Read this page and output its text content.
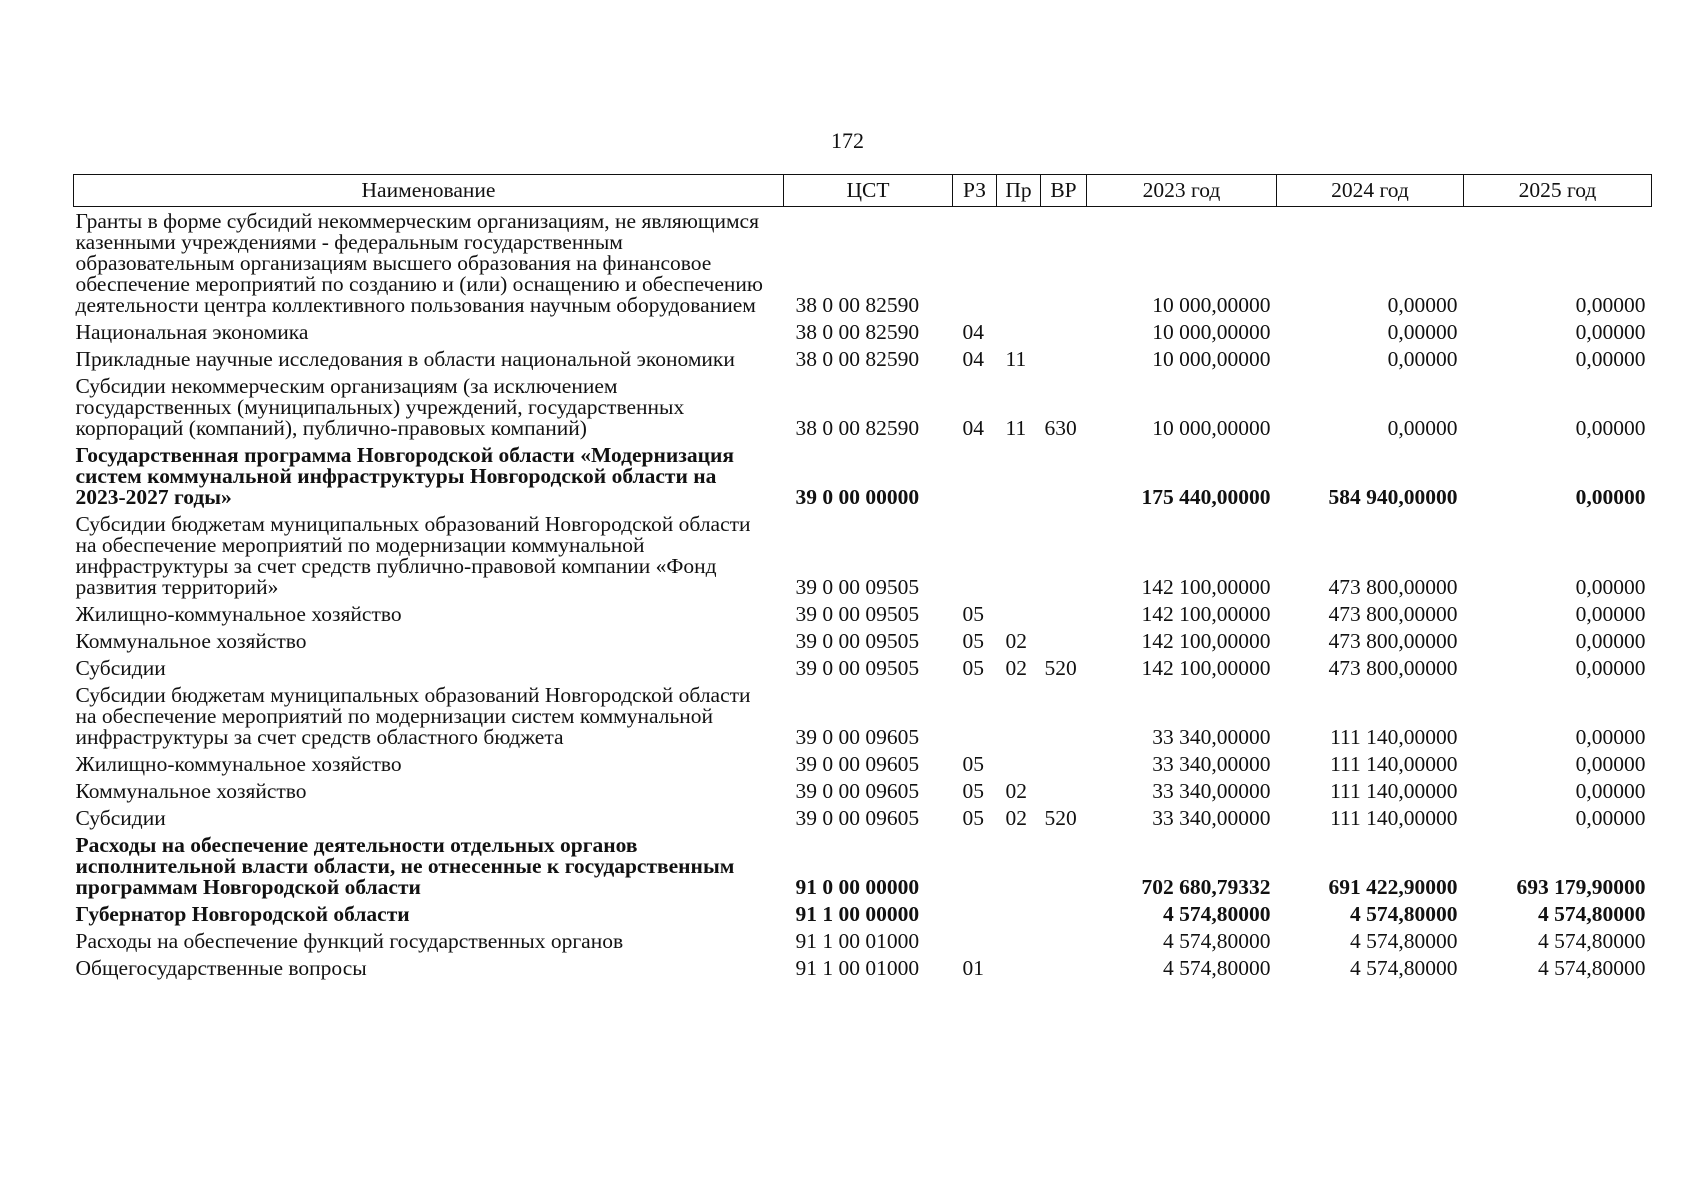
172
Наименование	ЦСТ	РЗ	Пр	ВР	2023 год	2024 год	2025 год
Гранты в форме субсидий некоммерческим организациям, не являющимся казенными учреждениями - федеральным государственным образовательным организациям высшего образования на финансовое обеспечение мероприятий по созданию и (или) оснащению и обеспечению деятельности центра коллективного пользования научным оборудованием	38 0 00 82590				10 000,00000	0,00000	0,00000
Национальная экономика	38 0 00 82590	04			10 000,00000	0,00000	0,00000
Прикладные научные исследования в области национальной экономики	38 0 00 82590	04	11		10 000,00000	0,00000	0,00000
Субсидии некоммерческим организациям (за исключением государственных (муниципальных) учреждений, государственных корпораций (компаний), публично-правовых компаний)	38 0 00 82590	04	11	630	10 000,00000	0,00000	0,00000
Государственная программа Новгородской области «Модернизация систем коммунальной инфраструктуры Новгородской области на 2023-2027 годы»	39 0 00 00000				175 440,00000	584 940,00000	0,00000
Субсидии бюджетам муниципальных образований Новгородской области на обеспечение мероприятий по модернизации коммунальной инфраструктуры за счет средств публично-правовой компании «Фонд развития территорий»	39 0 00 09505				142 100,00000	473 800,00000	0,00000
Жилищно-коммунальное хозяйство	39 0 00 09505	05			142 100,00000	473 800,00000	0,00000
Коммунальное хозяйство	39 0 00 09505	05	02		142 100,00000	473 800,00000	0,00000
Субсидии	39 0 00 09505	05	02	520	142 100,00000	473 800,00000	0,00000
Субсидии бюджетам муниципальных образований Новгородской области на обеспечение мероприятий по модернизации систем коммунальной инфраструктуры за счет средств областного бюджета	39 0 00 09605				33 340,00000	111 140,00000	0,00000
Жилищно-коммунальное хозяйство	39 0 00 09605	05			33 340,00000	111 140,00000	0,00000
Коммунальное хозяйство	39 0 00 09605	05	02		33 340,00000	111 140,00000	0,00000
Субсидии	39 0 00 09605	05	02	520	33 340,00000	111 140,00000	0,00000
Расходы на обеспечение деятельности отдельных органов исполнительной власти области, не отнесенные к государственным программам Новгородской области	91 0 00 00000				702 680,79332	691 422,90000	693 179,90000
Губернатор Новгородской области	91 1 00 00000				4 574,80000	4 574,80000	4 574,80000
Расходы на обеспечение функций государственных органов	91 1 00 01000				4 574,80000	4 574,80000	4 574,80000
Общегосударственные вопросы	91 1 00 01000	01			4 574,80000	4 574,80000	4 574,80000
